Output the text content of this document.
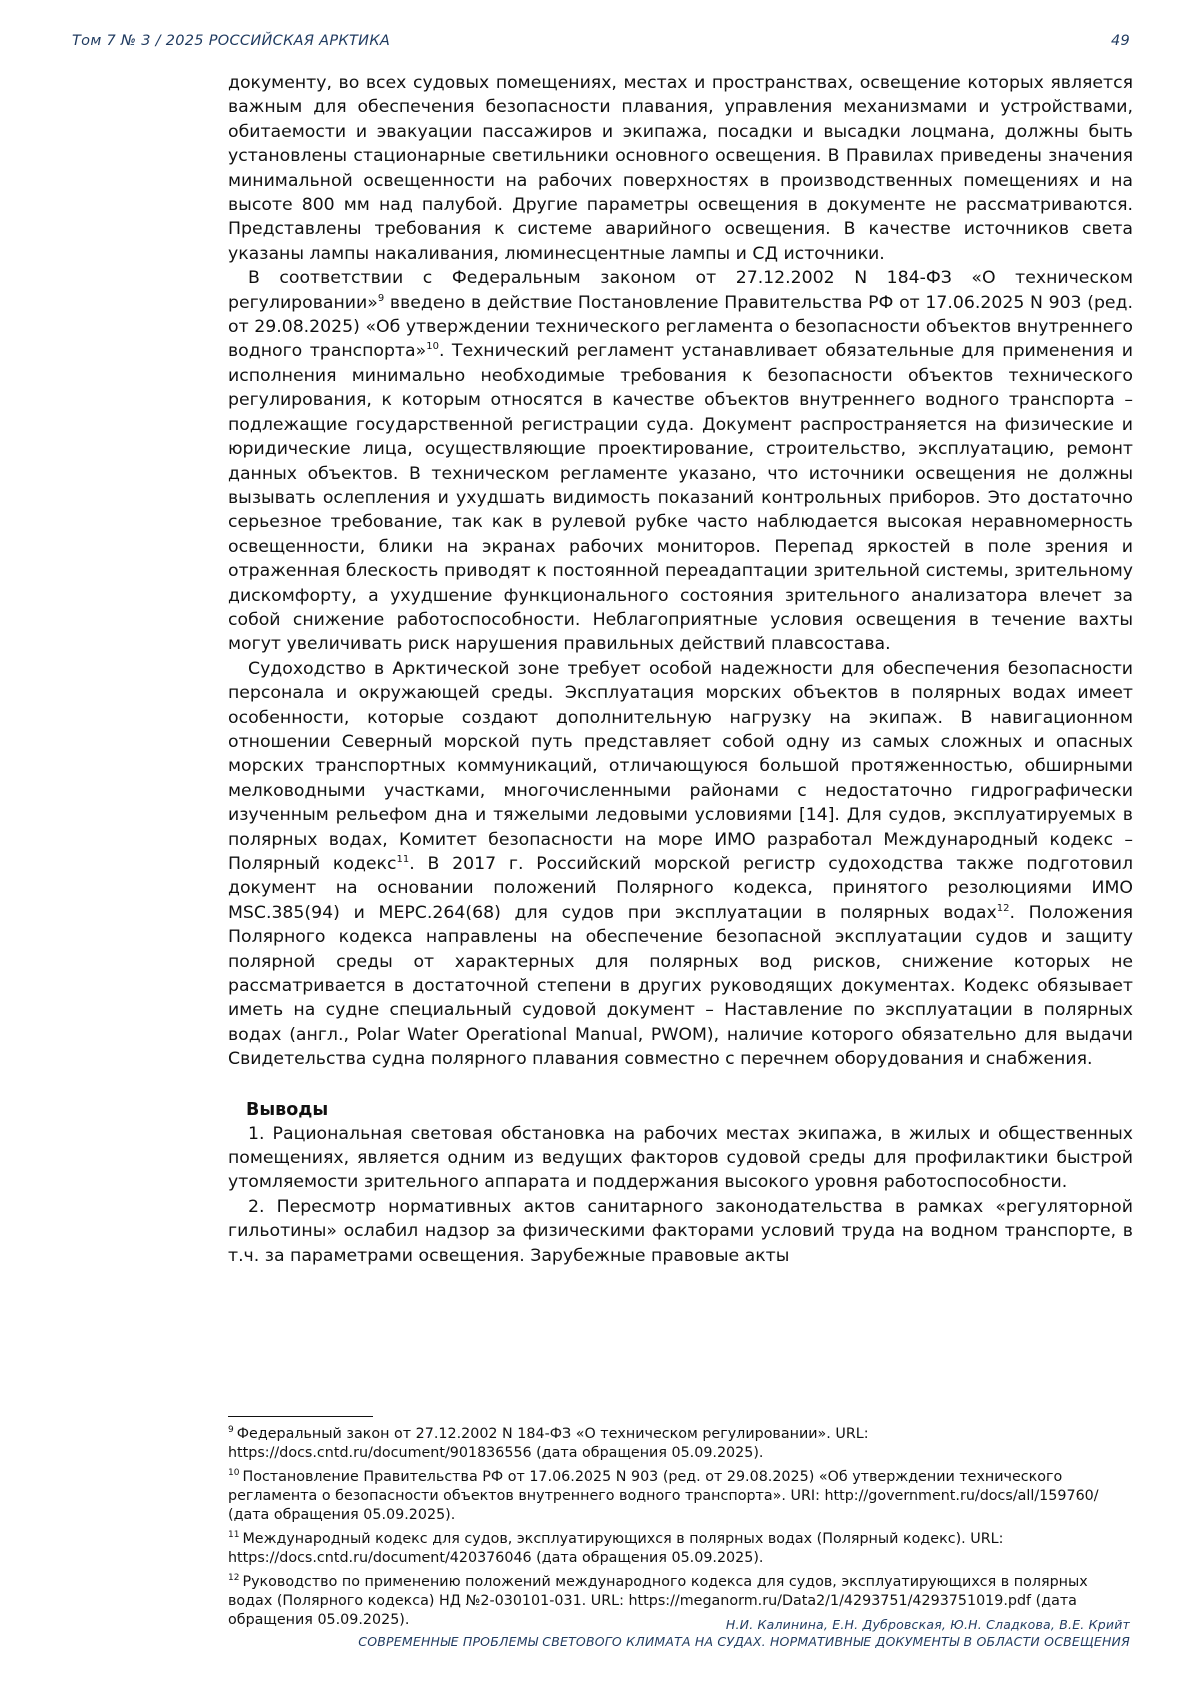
Том 7 № 3 / 2025 РОССИЙСКАЯ АРКТИКА	49

документу, во всех судовых помещениях, местах и пространствах, освещение которых является важным для обеспечения безопасности плавания, управления механизмами и устройствами, обитаемости и эвакуации пассажиров и экипажа, посадки и высадки лоцмана, должны быть установлены стационарные светильники основного освещения. В Правилах приведены значения минимальной освещенности на рабочих поверхностях в производственных помещениях и на высоте 800 мм над палубой. Другие параметры освещения в документе не рассматриваются. Представлены требования к системе аварийного освещения. В качестве источников света указаны лампы накаливания, люминесцентные лампы и СД источники.

В соответствии с Федеральным законом от 27.12.2002 N 184-ФЗ «О техническом регулировании»$^9$ введено в действие Постановление Правительства РФ от 17.06.2025 N 903 (ред. от 29.08.2025) «Об утверждении технического регламента о безопасности объектов внутреннего водного транспорта»$^{10}$. Технический регламент устанавливает обязательные для применения и исполнения минимально необходимые требования к безопасности объектов технического регулирования, к которым относятся в качестве объектов внутреннего водного транспорта – подлежащие государственной регистрации суда. Документ распространяется на физические и юридические лица, осуществляющие проектирование, строительство, эксплуатацию, ремонт данных объектов. В техническом регламенте указано, что источники освещения не должны вызывать ослепления и ухудшать видимость показаний контрольных приборов. Это достаточно серьезное требование, так как в рулевой рубке часто наблюдается высокая неравномерность освещенности, блики на экранах рабочих мониторов. Перепад яркостей в поле зрения и отраженная блескость приводят к постоянной переадаптации зрительной системы, зрительному дискомфорту, а ухудшение функционального состояния зрительного анализатора влечет за собой снижение работоспособности. Неблагоприятные условия освещения в течение вахты могут увеличивать риск нарушения правильных действий плавсостава.

Судоходство в Арктической зоне требует особой надежности для обеспечения безопасности персонала и окружающей среды. Эксплуатация морских объектов в полярных водах имеет особенности, которые создают дополнительную нагрузку на экипаж. В навигационном отношении Северный морской путь представляет собой одну из самых сложных и опасных морских транспортных коммуникаций, отличающуюся большой протяженностью, обширными мелководными участками, многочисленными районами с недостаточно гидрографически изученным рельефом дна и тяжелыми ледовыми условиями [14]. Для судов, эксплуатируемых в полярных водах, Комитет безопасности на море ИМО разработал Международный кодекс – Полярный кодекс$^{11}$. В 2017 г. Российский морской регистр судоходства также подготовил документ на основании положений Полярного кодекса, принятого резолюциями ИМО MSC.385(94) и MEPC.264(68) для судов при эксплуатации в полярных водах$^{12}$. Положения Полярного кодекса направлены на обеспечение безопасной эксплуатации судов и защиту полярной среды от характерных для полярных вод рисков, снижение которых не рассматривается в достаточной степени в других руководящих документах. Кодекс обязывает иметь на судне специальный судовой документ – Наставление по эксплуатации в полярных водах (англ., Polar Water Operational Manual, PWOM), наличие которого обязательно для выдачи Свидетельства судна полярного плавания совместно с перечнем оборудования и снабжения.

Выводы

1. Рациональная световая обстановка на рабочих местах экипажа, в жилых и общественных помещениях, является одним из ведущих факторов судовой среды для профилактики быстрой утомляемости зрительного аппарата и поддержания высокого уровня работоспособности.

2. Пересмотр нормативных актов санитарного законодательства в рамках «регуляторной гильотины» ослабил надзор за физическими факторами условий труда на водном транспорте, в т.ч. за параметрами освещения. Зарубежные правовые акты

$^9$ Федеральный закон от 27.12.2002 N 184-ФЗ «О техническом регулировании». URL: https://docs.cntd.ru/document/901836556 (дата обращения 05.09.2025).

$^{10}$ Постановление Правительства РФ от 17.06.2025 N 903 (ред. от 29.08.2025) «Об утверждении технического регламента о безопасности объектов внутреннего водного транспорта». URI: http://government.ru/docs/all/159760/ (дата обращения 05.09.2025).

$^{11}$ Международный кодекс для судов, эксплуатирующихся в полярных водах (Полярный кодекс). URL: https://docs.cntd.ru/document/420376046 (дата обращения 05.09.2025).

$^{12}$ Руководство по применению положений международного кодекса для судов, эксплуатирующихся в полярных водах (Полярного кодекса) НД №2-030101-031. URL: https://meganorm.ru/Data2/1/4293751/4293751019.pdf (дата обращения 05.09.2025).	Н.И. Калинина, Е.Н. Дубровская, Ю.Н. Сладкова, В.Е. Крийт
СОВРЕМЕННЫЕ ПРОБЛЕМЫ СВЕТОВОГО КЛИМАТА НА СУДАХ. НОРМАТИВНЫЕ ДОКУМЕНТЫ В ОБЛАСТИ ОСВЕЩЕНИЯ
